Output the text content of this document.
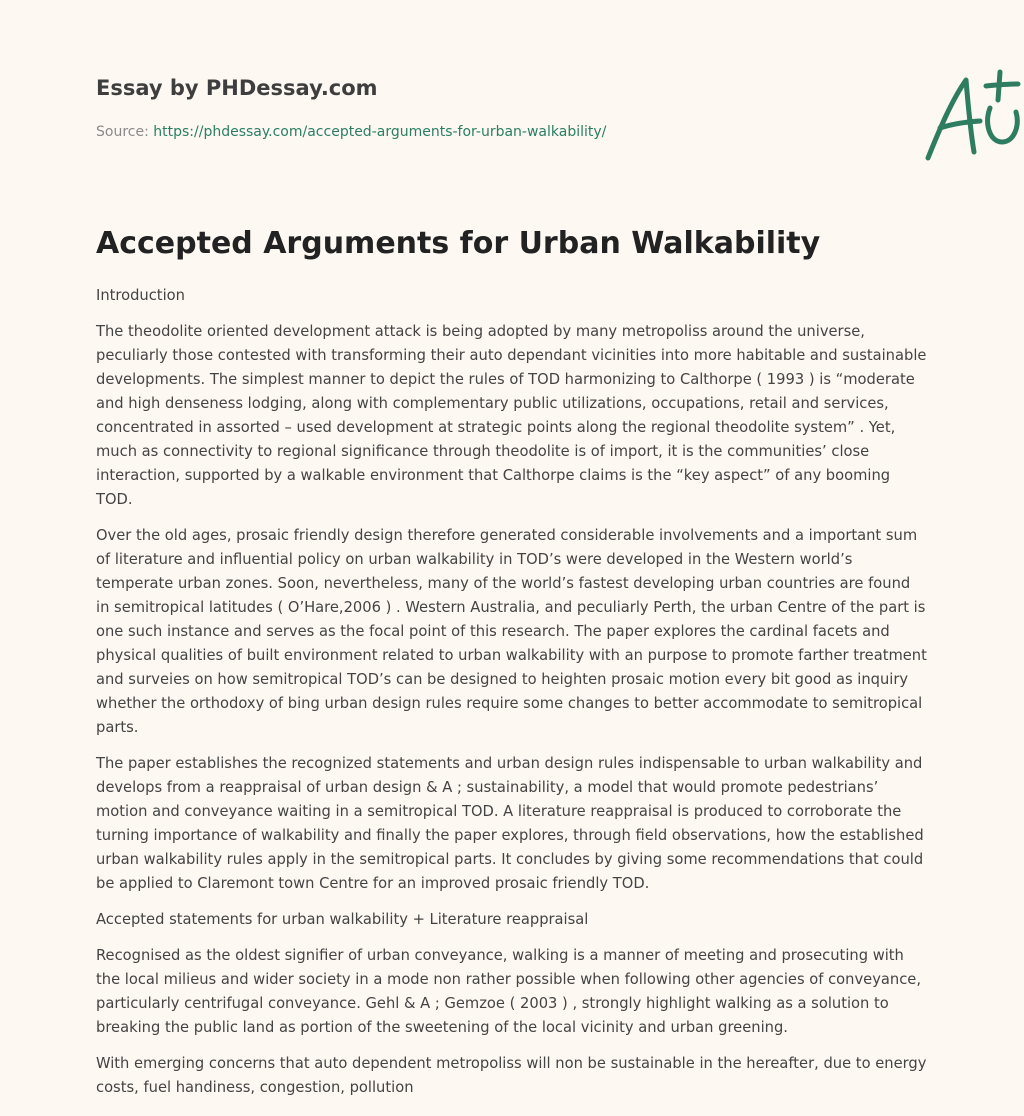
Essay by PHDessay.com
Source: https://phdessay.com/accepted-arguments-for-urban-walkability/
Accepted Arguments for Urban Walkability

Introduction

The theodolite oriented development attack is being adopted by many metropoliss around the universe, peculiarly those contested with transforming their auto dependant vicinities into more habitable and sustainable developments. The simplest manner to depict the rules of TOD harmonizing to Calthorpe ( 1993 ) is “moderate and high denseness lodging, along with complementary public utilizations, occupations, retail and services, concentrated in assorted – used development at strategic points along the regional theodolite system” . Yet, much as connectivity to regional significance through theodolite is of import, it is the communities’ close interaction, supported by a walkable environment that Calthorpe claims is the “key aspect” of any booming TOD.

Over the old ages, prosaic friendly design therefore generated considerable involvements and a important sum of literature and influential policy on urban walkability in TOD’s were developed in the Western world’s temperate urban zones. Soon, nevertheless, many of the world’s fastest developing urban countries are found in semitropical latitudes ( O’Hare,2006 ) . Western Australia, and peculiarly Perth, the urban Centre of the part is one such instance and serves as the focal point of this research. The paper explores the cardinal facets and physical qualities of built environment related to urban walkability with an purpose to promote farther treatment and surveies on how semitropical TOD’s can be designed to heighten prosaic motion every bit good as inquiry whether the orthodoxy of bing urban design rules require some changes to better accommodate to semitropical parts.

The paper establishes the recognized statements and urban design rules indispensable to urban walkability and develops from a reappraisal of urban design & A ; sustainability, a model that would promote pedestrians’ motion and conveyance waiting in a semitropical TOD. A literature reappraisal is produced to corroborate the turning importance of walkability and finally the paper explores, through field observations, how the established urban walkability rules apply in the semitropical parts. It concludes by giving some recommendations that could be applied to Claremont town Centre for an improved prosaic friendly TOD.

Accepted statements for urban walkability + Literature reappraisal

Recognised as the oldest signifier of urban conveyance, walking is a manner of meeting and prosecuting with the local milieus and wider society in a mode non rather possible when following other agencies of conveyance, particularly centrifugal conveyance. Gehl & A ; Gemzoe ( 2003 ) , strongly highlight walking as a solution to breaking the public land as portion of the sweetening of the local vicinity and urban greening.

With emerging concerns that auto dependent metropoliss will non be sustainable in the hereafter, due to energy costs, fuel handiness, congestion, pollution
